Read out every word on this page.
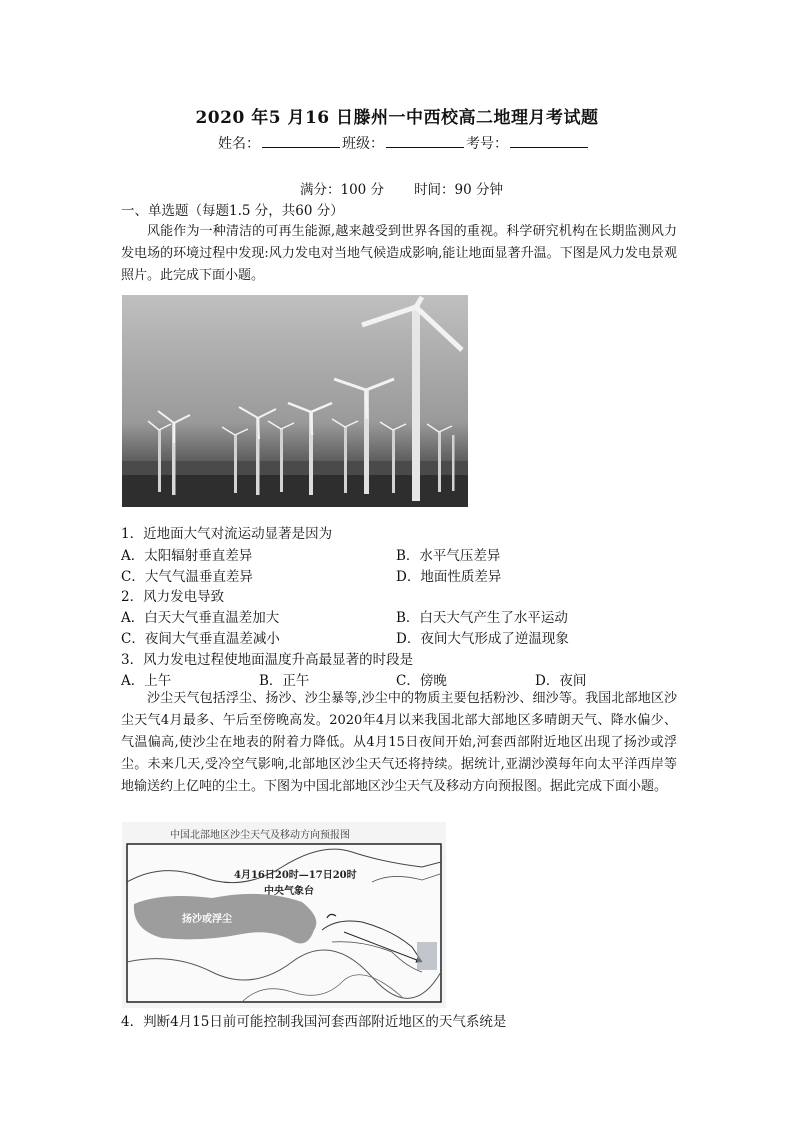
2020 年5 月16 日滕州一中西校高二地理月考试题
姓名：	班级：	考号：
满分：100 分 时间：90 分钟
一、单选题（每题1.5 分，共60 分）
风能作为一种清洁的可再生能源,越来越受到世界各国的重视。科学研究机构在长期监测风力发电场的环境过程中发现:风力发电对当地气候造成影响,能让地面显著升温。下图是风力发电景观照片。此完成下面小题。
1．近地面大气对流运动显著是因为
A．太阳辐射垂直差异	B．水平气压差异
C．大气气温垂直差异	D．地面性质差异
2．风力发电导致
A．白天大气垂直温差加大	B．白天大气产生了水平运动
C．夜间大气垂直温差减小	D．夜间大气形成了逆温现象
3．风力发电过程使地面温度升高最显著的时段是
A．上午	B．正午	C．傍晚	D．夜间
沙尘天气包括浮尘、扬沙、沙尘暴等,沙尘中的物质主要包括粉沙、细沙等。我国北部地区沙尘天气4月最多、午后至傍晚高发。2020年4月以来我国北部大部地区多晴朗天气、降水偏少、气温偏高,使沙尘在地表的附着力降低。从4月15日夜间开始,河套西部附近地区出现了扬沙或浮尘。未来几天,受冷空气影响,北部地区沙尘天气还将持续。据统计,亚湖沙漠每年向太平洋西岸等地输送约上亿吨的尘土。下图为中国北部地区沙尘天气及移动方向预报图。据此完成下面小题。
中国北部地区沙尘天气及移动方向预报图
4月16日20时—17日20时
中央气象台
扬沙或浮尘
4．判断4月15日前可能控制我国河套西部附近地区的天气系统是
